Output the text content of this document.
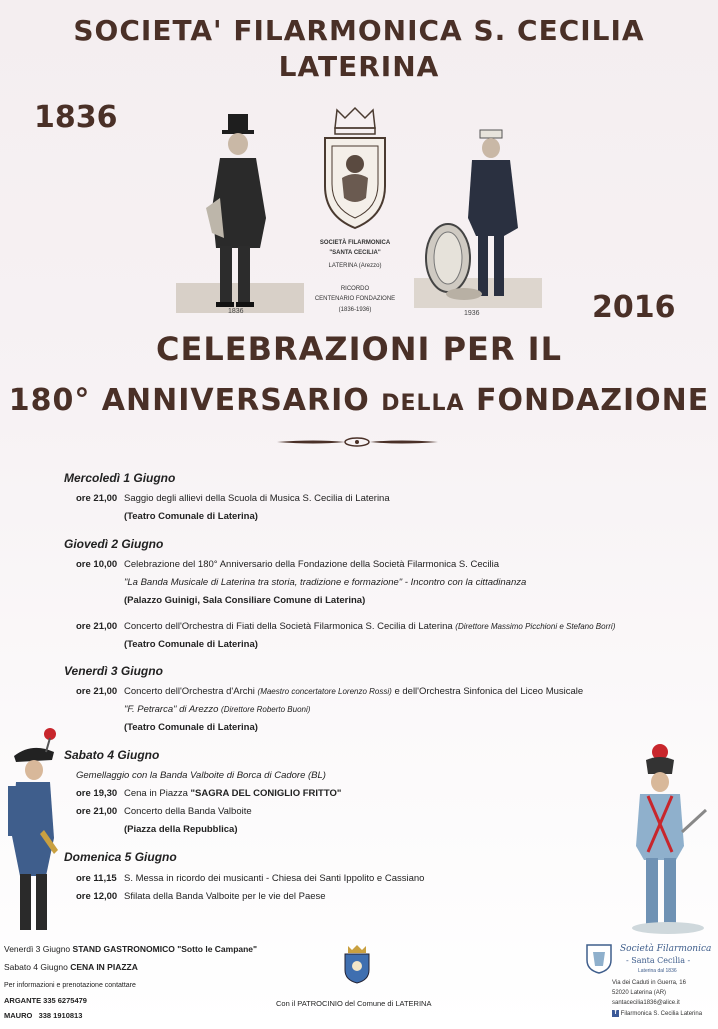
SOCIETA' FILARMONICA S. CECILIA
LATERINA
1836
2016
1836
SOCIETÀ FILARMONICA
"SANTA CECILIA"
LATERINA (Arezzo)
RICORDO
CENTENARIO FONDAZIONE
(1836-1936)	1936
CELEBRAZIONI PER IL
180° ANNIVERSARIO DELLA FONDAZIONE
Mercoledì 1 Giugno
ore 21,00 Saggio degli allievi della Scuola di Musica S. Cecilia di Laterina
(Teatro Comunale di Laterina)
Giovedì 2 Giugno
ore 10,00 Celebrazione del 180° Anniversario della Fondazione della Società Filarmonica S. Cecilia
"La Banda Musicale di Laterina tra storia, tradizione e formazione" - Incontro con la cittadinanza
(Palazzo Guinigi, Sala Consiliare Comune di Laterina)
ore 21,00 Concerto dell'Orchestra di Fiati della Società Filarmonica S. Cecilia di Laterina (Direttore Massimo Picchioni e Stefano Borri)
(Teatro Comunale di Laterina)
Venerdì 3 Giugno
ore 21,00 Concerto dell'Orchestra d'Archi (Maestro concertatore Lorenzo Rossi) e dell'Orchestra Sinfonica del Liceo Musicale
"F. Petrarca" di Arezzo (Direttore Roberto Buoni)
(Teatro Comunale di Laterina)
Sabato 4 Giugno
Gemellaggio con la Banda Valboite di Borca di Cadore (BL)
ore 19,30 Cena in Piazza "SAGRA DEL CONIGLIO FRITTO"
ore 21,00 Concerto della Banda Valboite
(Piazza della Repubblica)
Domenica 5 Giugno
ore 11,15 S. Messa in ricordo dei musicanti - Chiesa dei Santi Ippolito e Cassiano
ore 12,00 Sfilata della Banda Valboite per le vie del Paese
Venerdì 3 Giugno STAND GASTRONOMICO "Sotto le Campane"
Sabato 4 Giugno CENA IN PIAZZA
Per informazioni e prenotazione contattare
ARGANTE 335 6275479
MAURO   338 1910813
Con il PATROCINIO del Comune di LATERINA
Società Filarmonica
- Santa Cecilia -
Laterina dal 1836
Via dei Caduti in Guerra, 16
52020 Laterina (AR)
santacecilia1836@alice.it
f Filarmonica S. Cecilia Laterina
